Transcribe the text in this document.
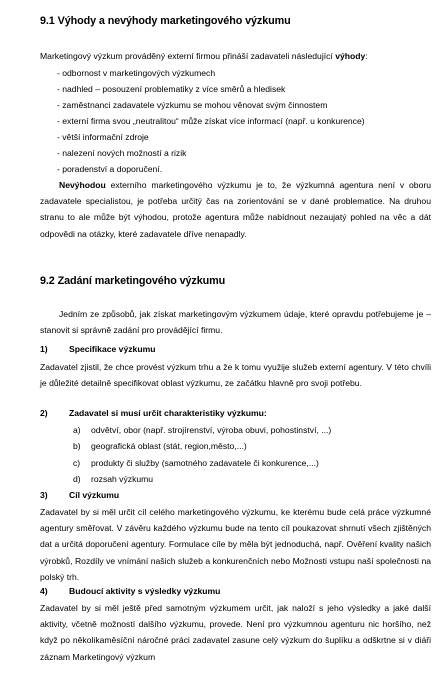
9.1 Výhody a nevýhody marketingového výzkumu
Marketingový výzkum prováděný externí firmou přináší zadavateli následující výhody:
- odbornost v marketingových výzkumech
- nadhled – posouzení problematiky z více směrů a hledisek
- zaměstnanci zadavatele výzkumu se mohou věnovat svým činnostem
- externí firma svou „neutralitou“ může získat více informací (např. u konkurence)
- větší informační zdroje
- nalezení nových možností a rizik
- poradenství a doporučení.
Nevýhodou externího marketingového výzkumu je to, že výzkumná agentura není v oboru zadavatele specialistou, je potřeba určitý čas na zorientování se v dané problematice. Na druhou stranu to ale může být výhodou, protože agentura může nabídnout nezaujatý pohled na věc a dát odpovědi na otázky, které zadavatele dříve nenapadly.
9.2 Zadání marketingového výzkumu
Jedním ze způsobů, jak získat marketingovým výzkumem údaje, které opravdu potřebujeme je – stanovit si správně zadání pro provádějící firmu.
1) Specifikace výzkumu
Zadavatel zjistil, že chce provést výzkum trhu a že k tomu využije služeb externí agentury. V této chvíli je důležité detailně specifikovat oblast výzkumu, ze začátku hlavně pro svoji potřebu.
2) Zadavatel si musí určit charakteristiky výzkumu:
a) odvětví, obor (např. strojírenství, výroba obuvi, pohostinství, ...)
b) geografická oblast (stát, region,město,...)
c) produkty či služby (samotného zadavatele či konkurence,...)
d) rozsah výzkumu
3) Cíl výzkumu
Zadavatel by si měl určit cíl celého marketingového výzkumu, ke kterému bude celá práce výzkumné agentury směřovat. V závěru každého výzkumu bude na tento cíl poukazovat shrnutí všech zjištěných dat a určitá doporučení agentury. Formulace cíle by měla být jednoduchá, např. Ověření kvality našich výrobků, Rozdíly ve vnímání našich služeb a konkurenčních nebo Možnosti vstupu naší společnosti na polský trh.
4) Budoucí aktivity s výsledky výzkumu
Zadavatel by si měl ještě před samotným výzkumem určit, jak naloží s jeho výsledky a jaké další aktivity, včetně možností dalšího výzkumu, provede. Není pro výzkumnou agenturu nic horšího, než když po několikaměsíční náročné práci zadavatel zasune celý výzkum do šuplíku a odškrtne si v diáři záznam Marketingový výzkum
